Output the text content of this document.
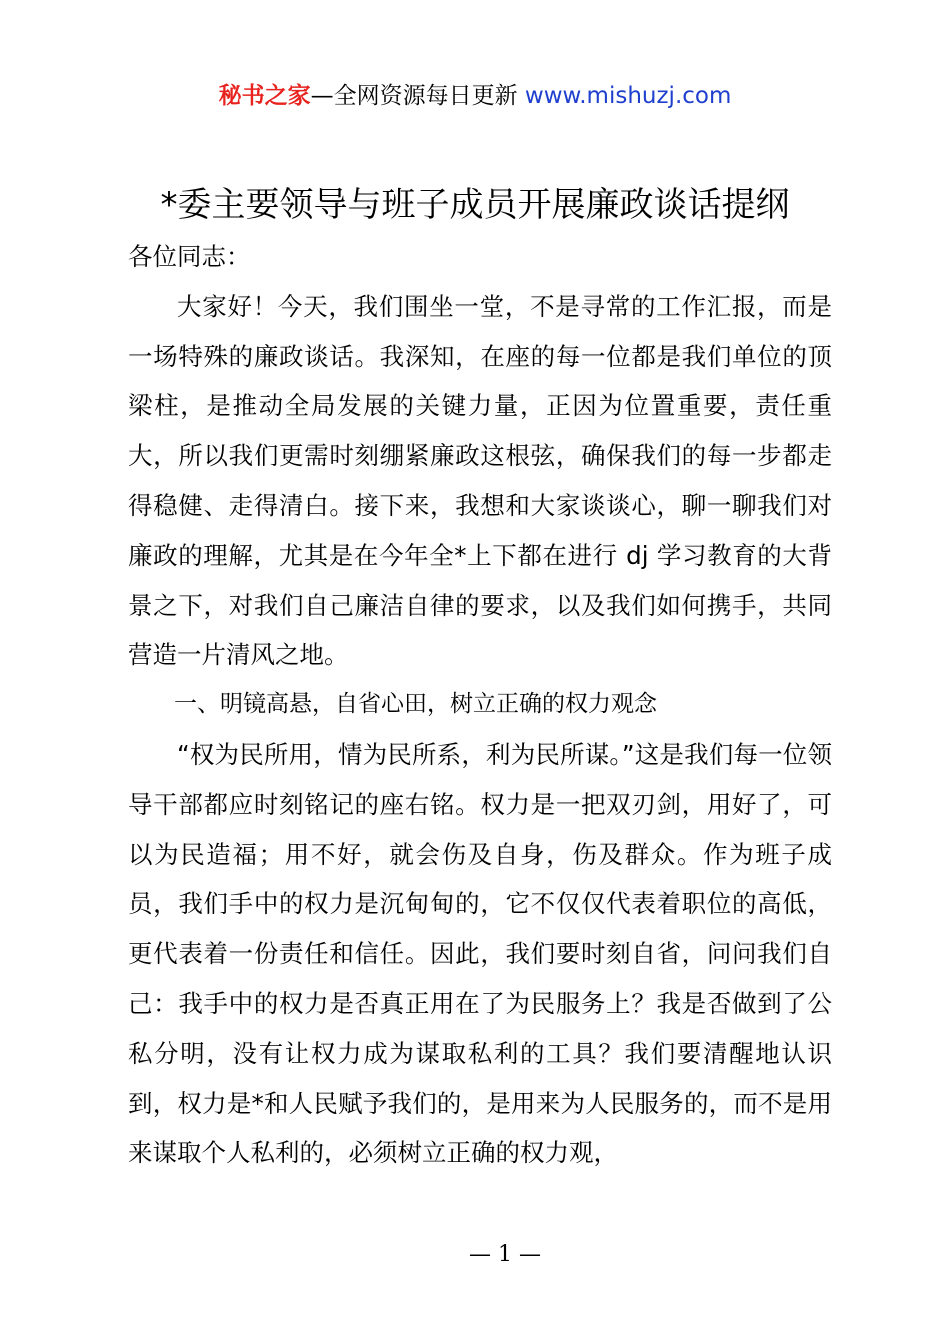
秘书之家—全网资源每日更新 www.mishuzj.com
*委主要领导与班子成员开展廉政谈话提纲

各位同志：

大家好！今天，我们围坐一堂，不是寻常的工作汇报，而是一场特殊的廉政谈话。我深知，在座的每一位都是我们单位的顶梁柱，是推动全局发展的关键力量，正因为位置重要，责任重大，所以我们更需时刻绷紧廉政这根弦，确保我们的每一步都走得稳健、走得清白。接下来，我想和大家谈谈心，聊一聊我们对廉政的理解，尤其是在今年全*上下都在进行 dj 学习教育的大背景之下，对我们自己廉洁自律的要求，以及我们如何携手，共同营造一片清风之地。

一、明镜高悬，自省心田，树立正确的权力观念

“权为民所用，情为民所系，利为民所谋。”这是我们每一位领导干部都应时刻铭记的座右铭。权力是一把双刃剑，用好了，可以为民造福；用不好，就会伤及自身，伤及群众。作为班子成员，我们手中的权力是沉甸甸的，它不仅仅代表着职位的高低，更代表着一份责任和信任。因此，我们要时刻自省，问问我们自己：我手中的权力是否真正用在了为民服务上？我是否做到了公私分明，没有让权力成为谋取私利的工具？我们要清醒地认识到，权力是*和人民赋予我们的，是用来为人民服务的，而不是用来谋取个人私利的，必须树立正确的权力观，

— 1 —
